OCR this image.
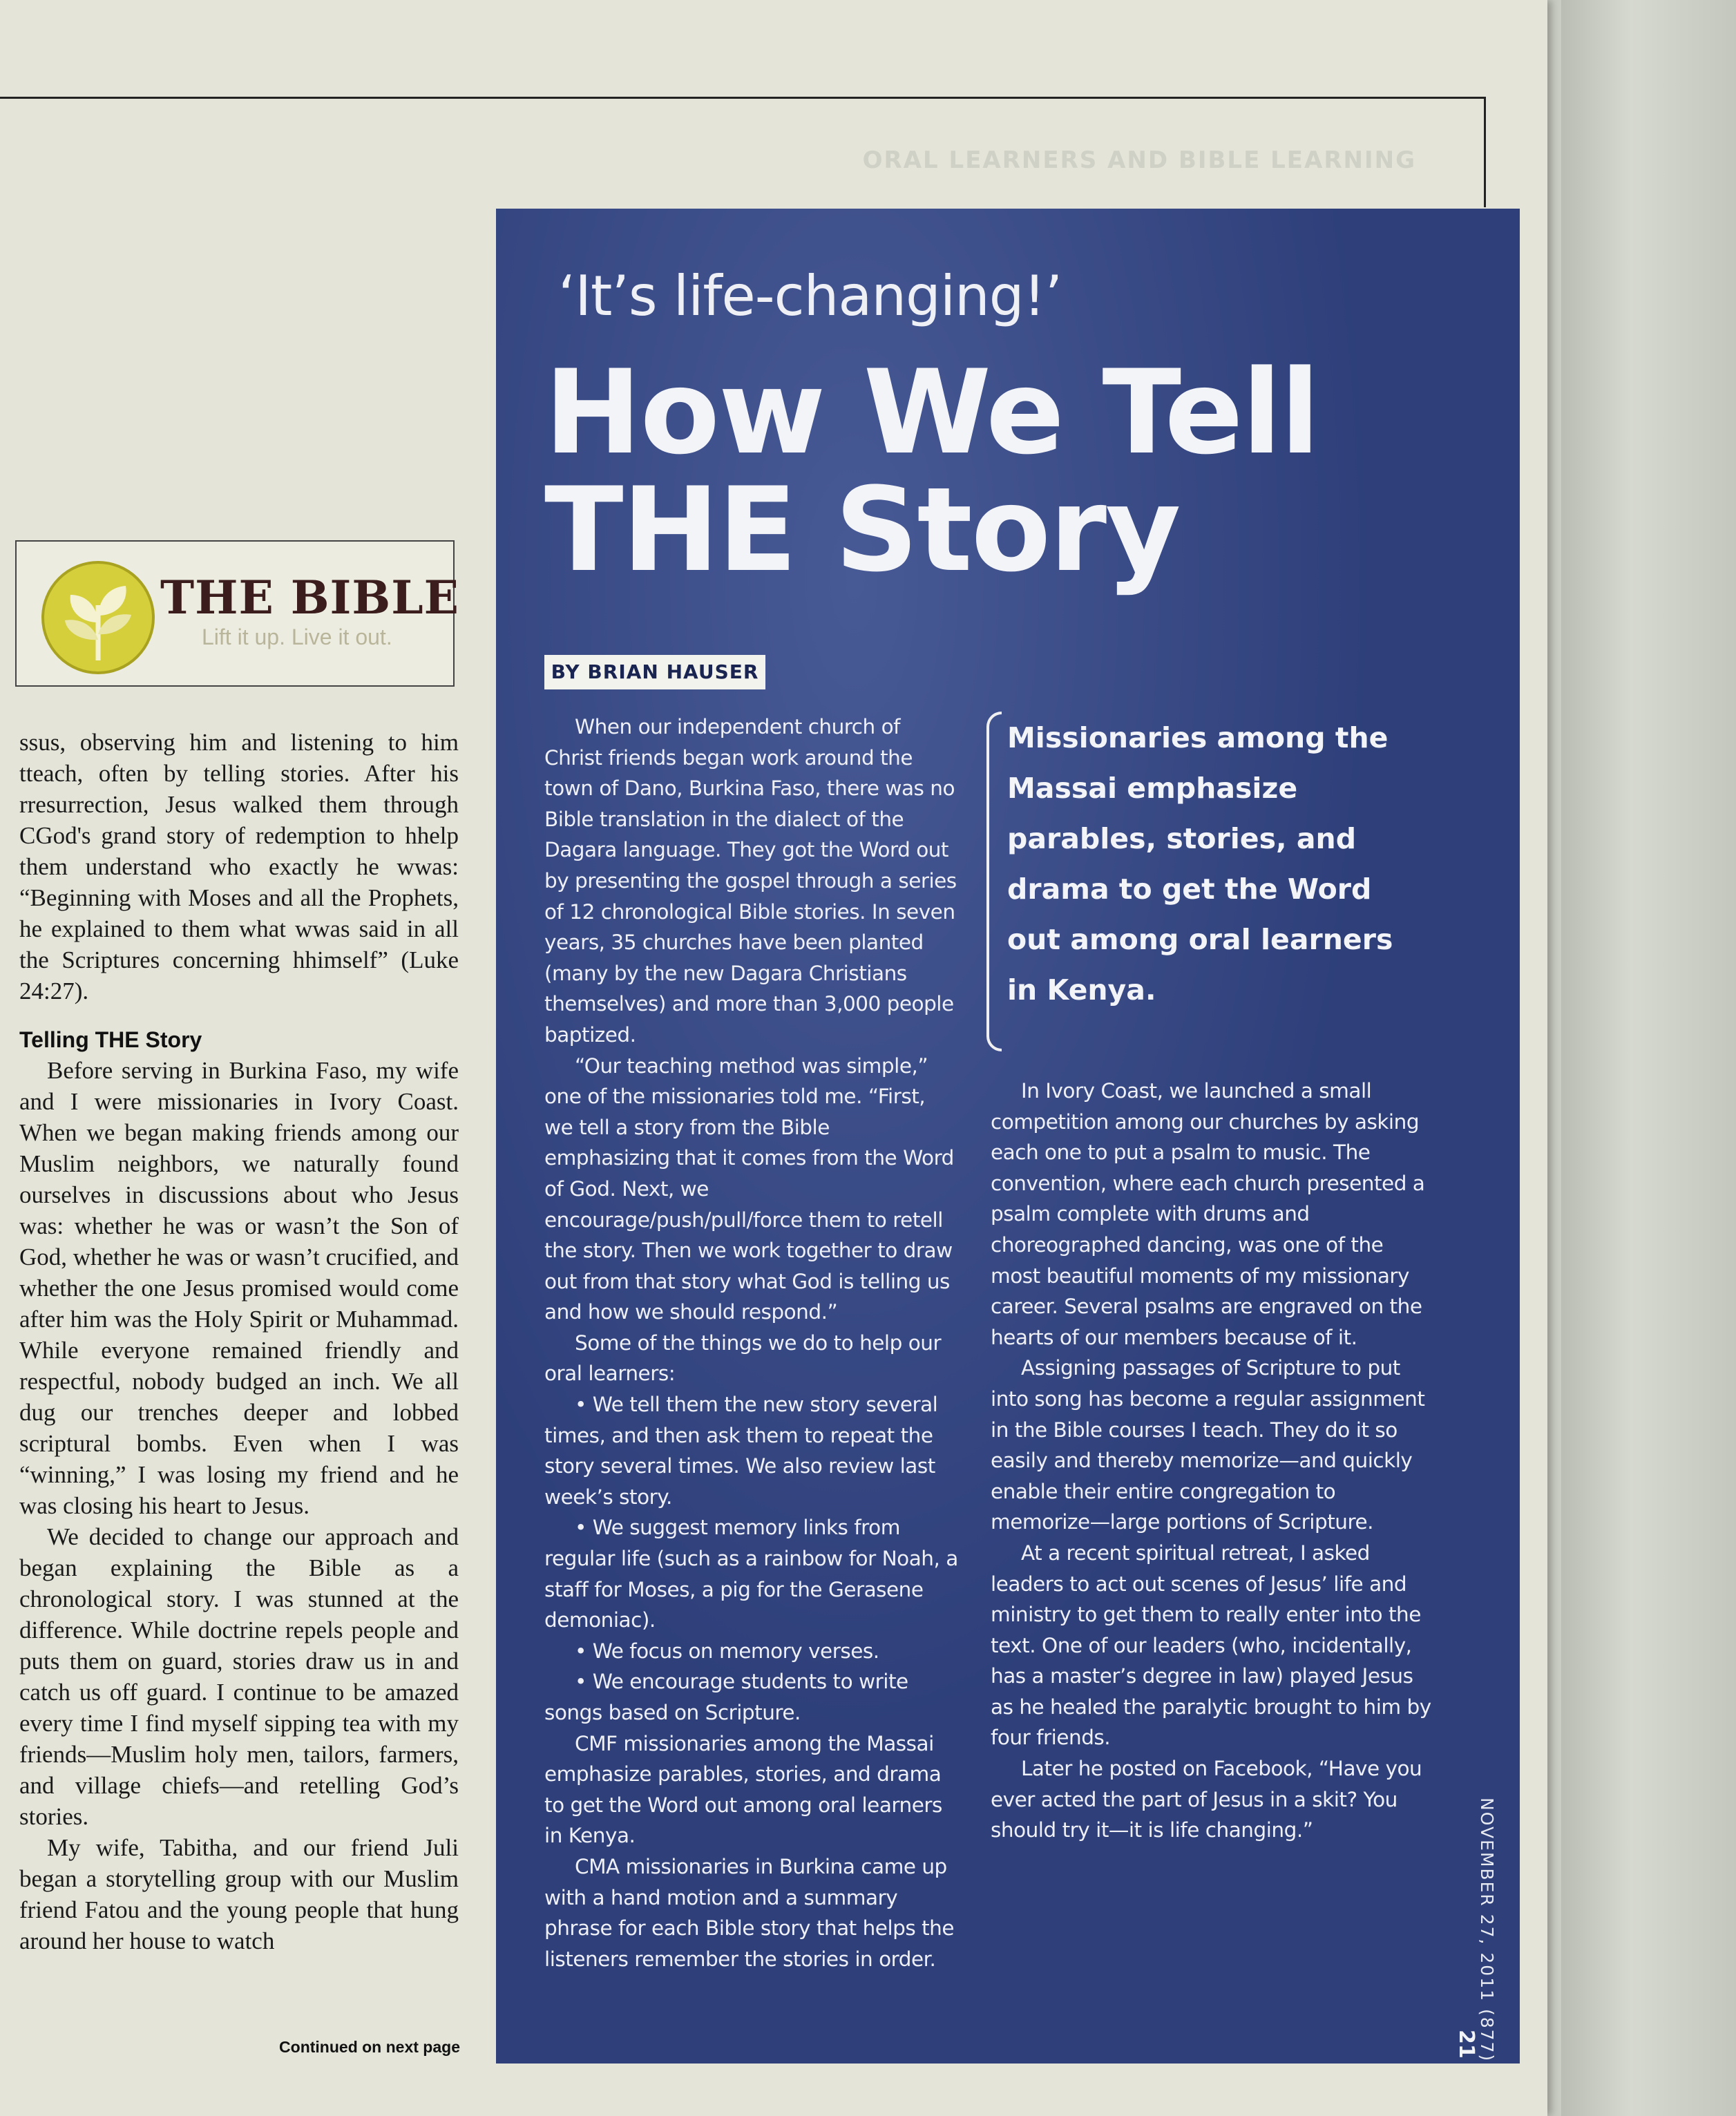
ORAL LEARNERS AND BIBLE LEARNING
THE BIBLE
Lift it up. Live it out.

ssus, observing him and listening to him tteach, often by telling stories. After his rresurrection, Jesus walked them through CGod's grand story of redemption to hhelp them understand who exactly he wwas: “Beginning with Moses and all the Prophets, he explained to them what wwas said in all the Scriptures concerning hhimself” (Luke 24:27).

Telling THE Story

Before serving in Burkina Faso, my wife and I were missionaries in Ivory Coast. When we began making friends among our Muslim neighbors, we naturally found ourselves in discussions about who Jesus was: whether he was or wasn’t the Son of God, whether he was or wasn’t crucified, and whether the one Jesus promised would come after him was the Holy Spirit or Muhammad. While everyone remained friendly and respectful, nobody budged an inch. We all dug our trenches deeper and lobbed scriptural bombs. Even when I was “winning,” I was losing my friend and he was closing his heart to Jesus.

We decided to change our approach and began explaining the Bible as a chronological story. I was stunned at the difference. While doctrine repels people and puts them on guard, stories draw us in and catch us off guard. I continue to be amazed every time I find myself sipping tea with my friends—Muslim holy men, tailors, farmers, and village chiefs—and retelling God’s stories.

My wife, Tabitha, and our friend Juli began a storytelling group with our Muslim friend Fatou and the young people that hung around her house to watch

Continued on next page
‘It’s life-changing!’
How We Tell
THE Story
BY BRIAN HAUSER

When our independent church of Christ friends began work around the town of Dano, Burkina Faso, there was no Bible translation in the dialect of the Dagara language. They got the Word out by presenting the gospel through a series of 12 chronological Bible stories. In seven years, 35 churches have been planted (many by the new Dagara Christians themselves) and more than 3,000 people baptized.

“Our teaching method was simple,” one of the missionaries told me. “First, we tell a story from the Bible emphasizing that it comes from the Word of God. Next, we encourage/push/pull/force them to retell the story. Then we work together to draw out from that story what God is telling us and how we should respond.”

Some of the things we do to help our oral learners:

• We tell them the new story several times, and then ask them to repeat the story several times. We also review last week’s story.

• We suggest memory links from regular life (such as a rainbow for Noah, a staff for Moses, a pig for the Gerasene demoniac).

• We focus on memory verses.

• We encourage students to write songs based on Scripture.

CMF missionaries among the Massai emphasize parables, stories, and drama to get the Word out among oral learners in Kenya.

CMA missionaries in Burkina came up with a hand motion and a summary phrase for each Bible story that helps the listeners remember the stories in order.

Missionaries among the Massai emphasize parables, stories, and drama to get the Word out among oral learners in Kenya.

In Ivory Coast, we launched a small competition among our churches by asking each one to put a psalm to music. The convention, where each church presented a psalm complete with drums and choreographed dancing, was one of the most beautiful moments of my missionary career. Several psalms are engraved on the hearts of our members because of it.

Assigning passages of Scripture to put into song has become a regular assignment in the Bible courses I teach. They do it so easily and thereby memorize—and quickly enable their entire congregation to memorize—large portions of Scripture.

At a recent spiritual retreat, I asked leaders to act out scenes of Jesus’ life and ministry to get them to really enter into the text. One of our leaders (who, incidentally, has a master’s degree in law) played Jesus as he healed the paralytic brought to him by four friends.

Later he posted on Facebook, “Have you ever acted the part of Jesus in a skit? You should try it—it is life changing.”	NOVEMBER 27, 2011 (877)
21
